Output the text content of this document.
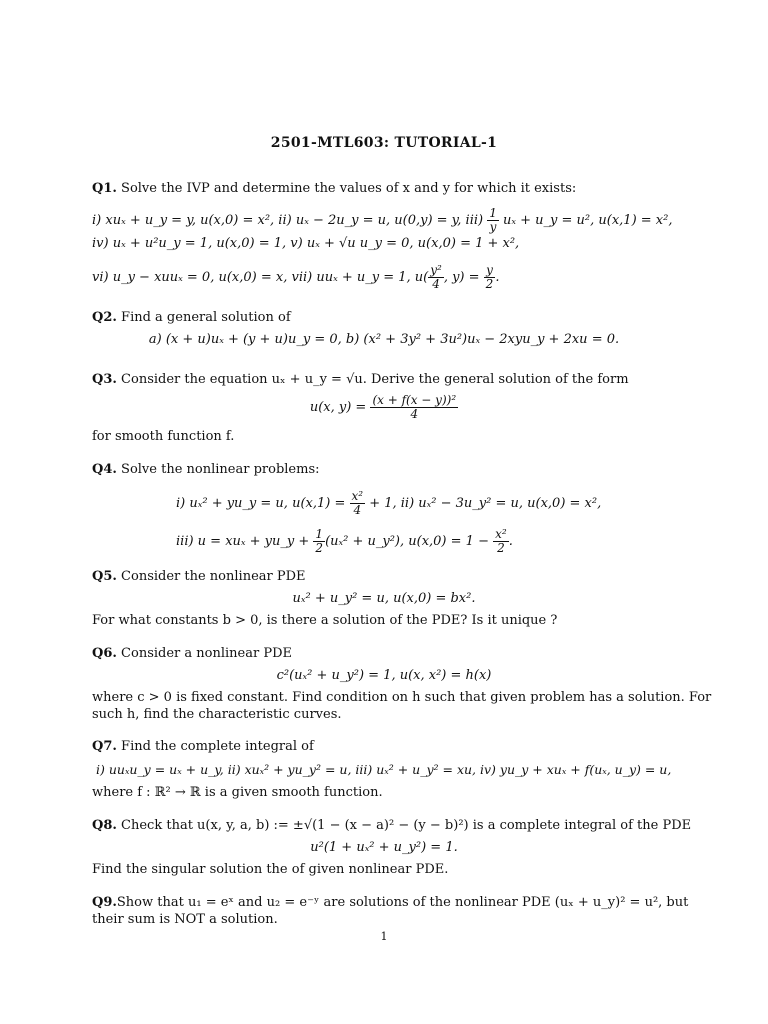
2501-MTL603: TUTORIAL-1
Q1. Solve the IVP and determine the values of x and y for which it exists:
i) xuₓ + u_y = y, u(x,0) = x², ii) uₓ − 2u_y = u, u(0,y) = y, $iii) \frac{1}{y}$ uₓ + u_y = u², u(x,1) = x²,
iv) uₓ + u²u_y = 1, u(x,0) = 1, v) uₓ + √u u_y = 0, u(x,0) = 1 + x²,
vi) u_y − xuuₓ = 0, u(x,0) = x, vii) uuₓ + u_y = 1, $u( \frac{\text{y²}}{4}$ , $y) = \frac{y}{2}$ .
Q2. Find a general solution of
a) (x + u)uₓ + (y + u)u_y = 0, b) (x² + 3y² + 3u²)uₓ − 2xyu_y + 2xu = 0.
Q3. Consider the equation uₓ + u_y = √u. Derive the general solution of the form
u(x, $y) = \frac{\text{(x + f(x − y))²}}{4}$
for smooth function f.
Q4. Solve the nonlinear problems:
i) uₓ² + yu_y = u, $u(x,1) = \frac{\text{x²}}{4} + 1$, ii) uₓ² − 3u_y² = u, u(x,0) = x²,
iii) u = xuₓ + yu_y + $\frac{1}{2} (u_x^2$ + u_y²), $u(x,0) = 1 - \frac{\text{x²}}{2}$ .
Q5. Consider the nonlinear PDE
uₓ² + u_y² = u, u(x,0) = bx².
For what constants b > 0, is there a solution of the PDE? Is it unique ?
Q6. Consider a nonlinear PDE
c²(uₓ² + u_y²) = 1, u(x, x²) = h(x)
where c > 0 is fixed constant. Find condition on h such that given problem has a solution. For
such h, find the characteristic curves.
Q7. Find the complete integral of
i) uuₓu_y = uₓ + u_y, ii) xuₓ² + yu_y² = u, iii) uₓ² + u_y² = xu, iv) yu_y + xuₓ + f(uₓ, u_y) = u,
where f : ℝ² → ℝ is a given smooth function.
Q8. Check that u(x, y, a, b) := ±√(1 − (x − a)² − (y − b)²) is a complete integral of the PDE
u²(1 + uₓ² + u_y²) = 1.
Find the singular solution the of given nonlinear PDE.
Q9.Show that u₁ = eˣ and u₂ = e⁻ʸ are solutions of the nonlinear PDE (uₓ + u_y)² = u², but
their sum is NOT a solution.
1
